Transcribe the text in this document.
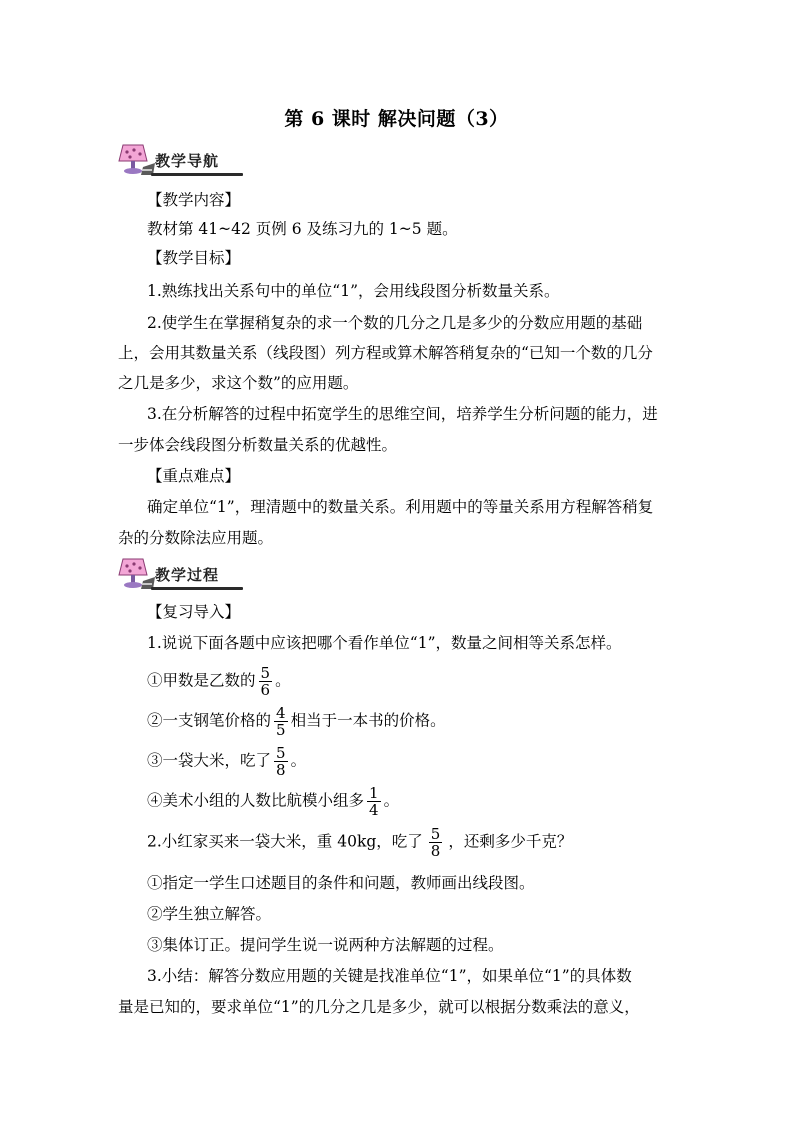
第 6 课时 解决问题（3）
教学导航
【教学内容】
教材第 41~42 页例 6 及练习九的 1~5 题。
【教学目标】
1.熟练找出关系句中的单位“1”，会用线段图分析数量关系。
2.使学生在掌握稍复杂的求一个数的几分之几是多少的分数应用题的基础
上，会用其数量关系（线段图）列方程或算术解答稍复杂的“已知一个数的几分
之几是多少，求这个数”的应用题。
3.在分析解答的过程中拓宽学生的思维空间，培养学生分析问题的能力，进
一步体会线段图分析数量关系的优越性。
【重点难点】
确定单位“1”，理清题中的数量关系。利用题中的等量关系用方程解答稍复
杂的分数除法应用题。
教学过程
【复习导入】
1.说说下面各题中应该把哪个看作单位“1”，数量之间相等关系怎样。
①甲数是乙数的 $\frac{5}{6}$ 。
②一支钢笔价格的 $\frac{4}{5}$ 相当于一本书的价格。
③一袋大米，吃了 $\frac{5}{8}$ 。
④美术小组的人数比航模小组多 $\frac{1}{4}$ 。
2.小红家买来一袋大米，重 40kg，吃了 $\frac{5}{8}$ ，还剩多少千克？
①指定一学生口述题目的条件和问题，教师画出线段图。
②学生独立解答。
③集体订正。提问学生说一说两种方法解题的过程。
3.小结：解答分数应用题的关键是找准单位“1”，如果单位“1”的具体数
量是已知的，要求单位“1”的几分之几是多少，就可以根据分数乘法的意义，
